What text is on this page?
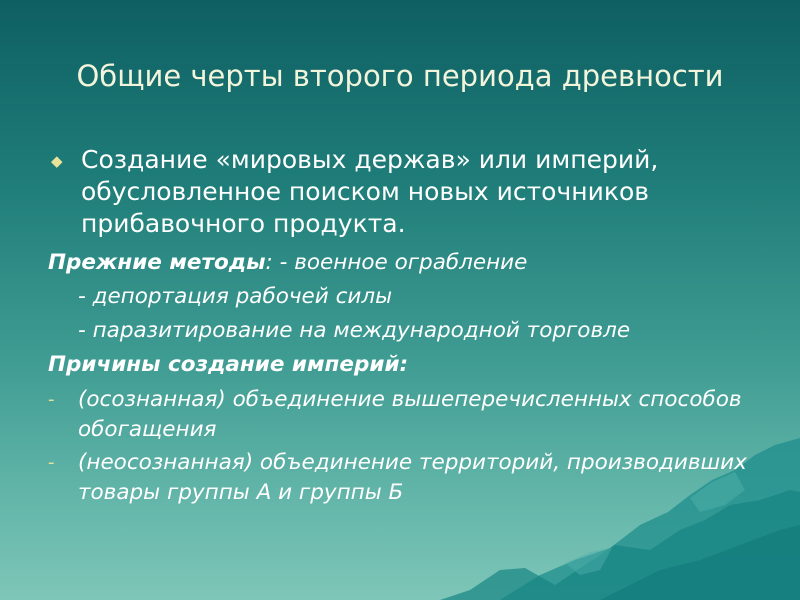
Общие черты второго периода древности
◆ Создание «мировых держав» или империй, обусловленное поиском новых источников прибавочного продукта.
Прежние методы: - военное ограбление
- депортация рабочей силы
- паразитирование на международной торговле
Причины создание империй:
-	(осознанная) объединение вышеперечисленных способов обогащения
-	(неосознанная) объединение территорий, производивших товары группы А и группы Б
